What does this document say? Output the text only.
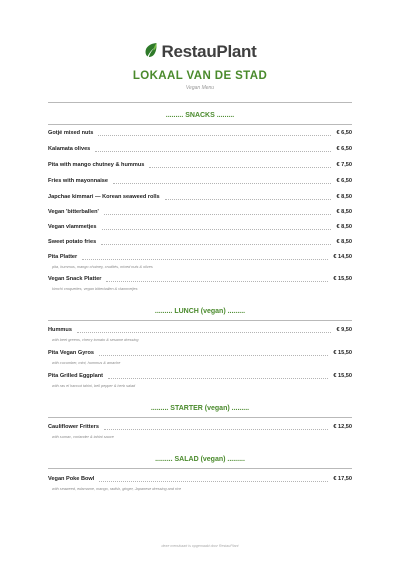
RestauPlant
LOKAAL VAN DE STAD
Vegan Menu
......... SNACKS .........
Gotjé mixed nuts	€ 6,50
Kalamata olives	€ 6,50
Pita with mango chutney & hummus	€ 7,50
Fries with mayonnaise	€ 6,50
Japchae kimmari — Korean seaweed rolls	€ 8,50
Vegan 'bitterballen'	€ 8,50
Vegan vlammetjes	€ 8,50
Sweet potato fries	€ 8,50
Pita Platter	€ 14,50
pita, hummus, mango chutney, crudités, mixed nuts & olives
Vegan Snack Platter	€ 15,50
kimchi croquettes, vegan bitterballen & vlammetjes
......... LUNCH (vegan) .........
Hummus	€ 9,50
with beet greens, cherry tomato & sesame dressing
Pita Vegan Gyros	€ 15,50
with cucumber, mint, hummus & amache
Pita Grilled Eggplant	€ 15,50
with ras el hanout tahini, bell pepper & herb salad
......... STARTER (vegan) .........
Cauliflower Fritters	€ 12,50
with sumac, coriander & tahini sauce
......... SALAD (vegan) .........
Vegan Poke Bowl	€ 17,50
with seaweed, edamame, mango, radish, ginger, Japanese dressing and rice
deze menukaart is opgemaakt door RestauPlant
